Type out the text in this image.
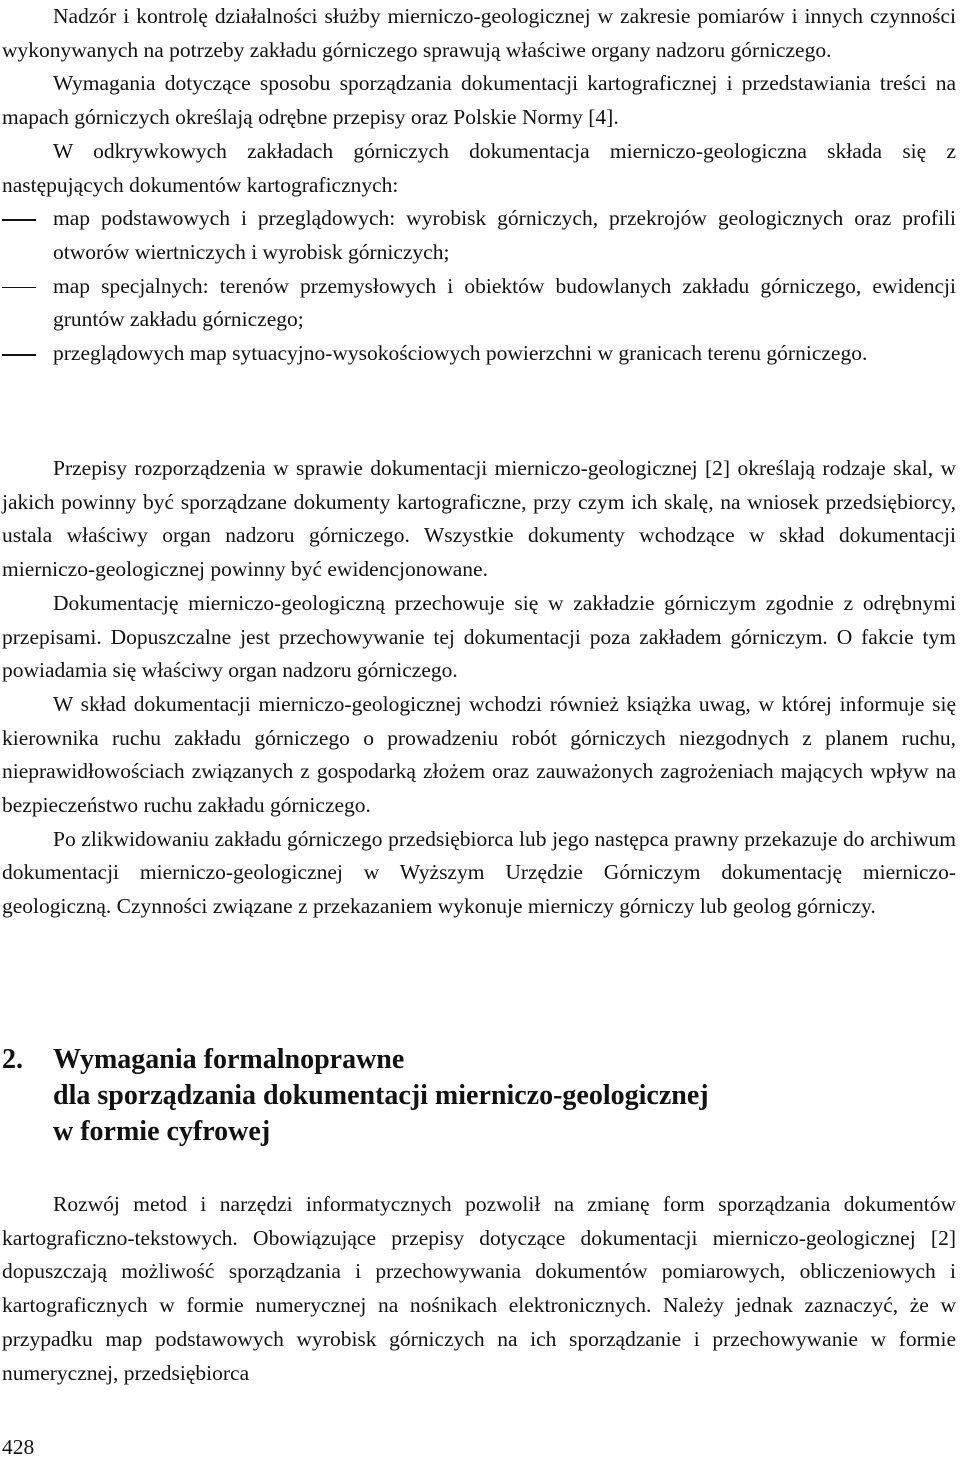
Nadzór i kontrolę działalności służby mierniczo-geologicznej w zakresie pomiarów i innych czynności wykonywanych na potrzeby zakładu górniczego sprawują właściwe organy nadzoru górniczego.

Wymagania dotyczące sposobu sporządzania dokumentacji kartograficznej i przedstawiania treści na mapach górniczych określają odrębne przepisy oraz Polskie Normy [4].

W odkrywkowych zakładach górniczych dokumentacja mierniczo-geologiczna składa się z następujących dokumentów kartograficznych:

map podstawowych i przeglądowych: wyrobisk górniczych, przekrojów geologicznych oraz profili otworów wiertniczych i wyrobisk górniczych;
map specjalnych: terenów przemysłowych i obiektów budowlanych zakładu górniczego, ewidencji gruntów zakładu górniczego;
przeglądowych map sytuacyjno-wysokościowych powierzchni w granicach terenu górniczego.

Przepisy rozporządzenia w sprawie dokumentacji mierniczo-geologicznej [2] określają rodzaje skal, w jakich powinny być sporządzane dokumenty kartograficzne, przy czym ich skalę, na wniosek przedsiębiorcy, ustala właściwy organ nadzoru górniczego. Wszystkie dokumenty wchodzące w skład dokumentacji mierniczo-geologicznej powinny być ewidencjonowane.

Dokumentację mierniczo-geologiczną przechowuje się w zakładzie górniczym zgodnie z odrębnymi przepisami. Dopuszczalne jest przechowywanie tej dokumentacji poza zakładem górniczym. O fakcie tym powiadamia się właściwy organ nadzoru górniczego.

W skład dokumentacji mierniczo-geologicznej wchodzi również książka uwag, w której informuje się kierownika ruchu zakładu górniczego o prowadzeniu robót górniczych niezgodnych z planem ruchu, nieprawidłowościach związanych z gospodarką złożem oraz zauważonych zagrożeniach mających wpływ na bezpieczeństwo ruchu zakładu górniczego.

Po zlikwidowaniu zakładu górniczego przedsiębiorca lub jego następca prawny przekazuje do archiwum dokumentacji mierniczo-geologicznej w Wyższym Urzędzie Górniczym dokumentację mierniczo-geologiczną. Czynności związane z przekazaniem wykonuje mierniczy górniczy lub geolog górniczy.

2. Wymagania formalnoprawne
dla sporządzania dokumentacji mierniczo-geologicznej
w formie cyfrowej

Rozwój metod i narzędzi informatycznych pozwolił na zmianę form sporządzania dokumentów kartograficzno-tekstowych. Obowiązujące przepisy dotyczące dokumentacji mierniczo-geologicznej [2] dopuszczają możliwość sporządzania i przechowywania dokumentów pomiarowych, obliczeniowych i kartograficznych w formie numerycznej na nośnikach elektronicznych. Należy jednak zaznaczyć, że w przypadku map podstawowych wyrobisk górniczych na ich sporządzanie i przechowywanie w formie numerycznej, przedsiębiorca

428
